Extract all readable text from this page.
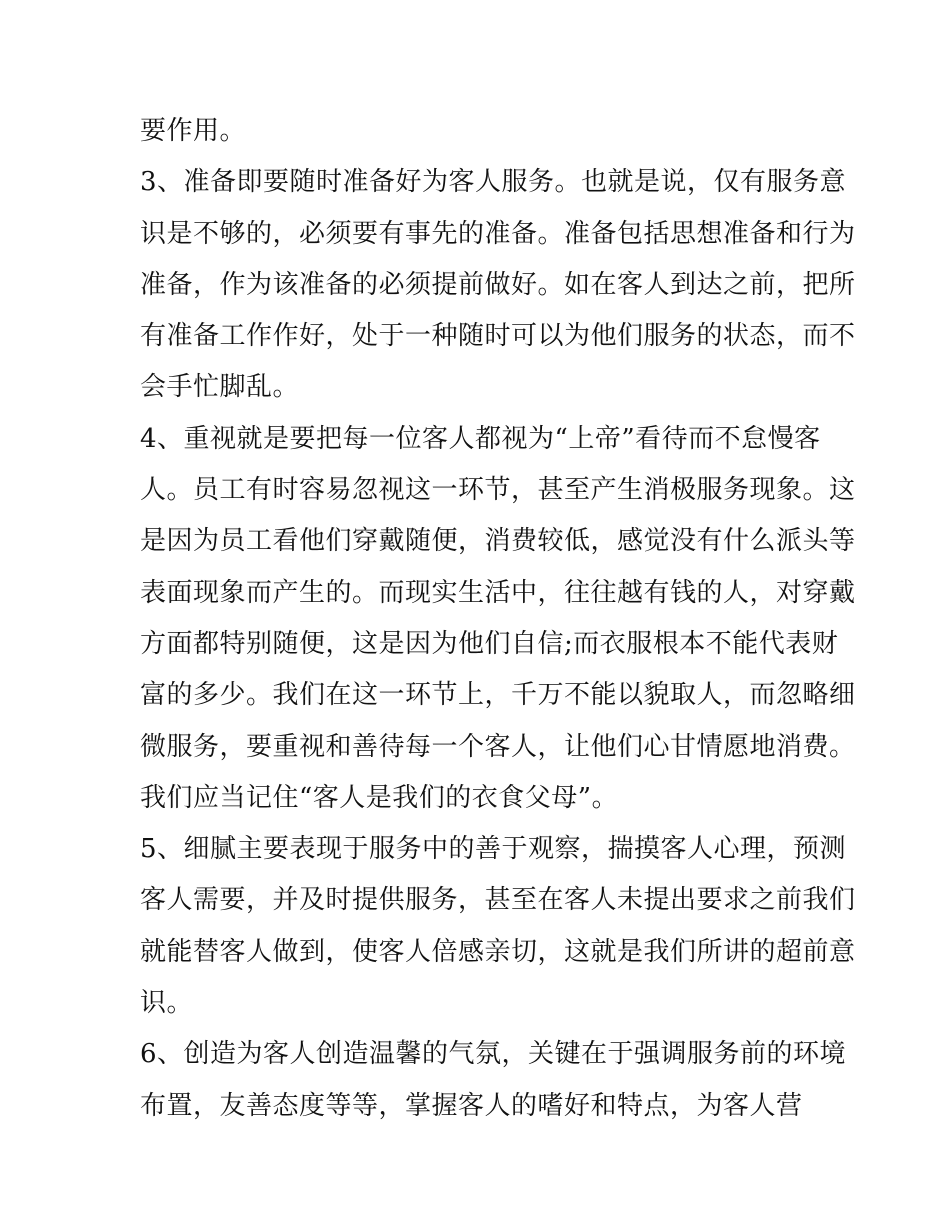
要作用。
3、准备即要随时准备好为客人服务。也就是说，仅有服务意
识是不够的，必须要有事先的准备。准备包括思想准备和行为
准备，作为该准备的必须提前做好。如在客人到达之前，把所
有准备工作作好，处于一种随时可以为他们服务的状态，而不
会手忙脚乱。
4、重视就是要把每一位客人都视为“上帝”看待而不怠慢客
人。员工有时容易忽视这一环节，甚至产生消极服务现象。这
是因为员工看他们穿戴随便，消费较低，感觉没有什么派头等
表面现象而产生的。而现实生活中，往往越有钱的人，对穿戴
方面都特别随便，这是因为他们自信;而衣服根本不能代表财
富的多少。我们在这一环节上，千万不能以貌取人，而忽略细
微服务，要重视和善待每一个客人，让他们心甘情愿地消费。
我们应当记住“客人是我们的衣食父母”。
5、细腻主要表现于服务中的善于观察，揣摸客人心理，预测
客人需要，并及时提供服务，甚至在客人未提出要求之前我们
就能替客人做到，使客人倍感亲切，这就是我们所讲的超前意
识。
6、创造为客人创造温馨的气氛，关键在于强调服务前的环境
布置，友善态度等等，掌握客人的嗜好和特点，为客人营
